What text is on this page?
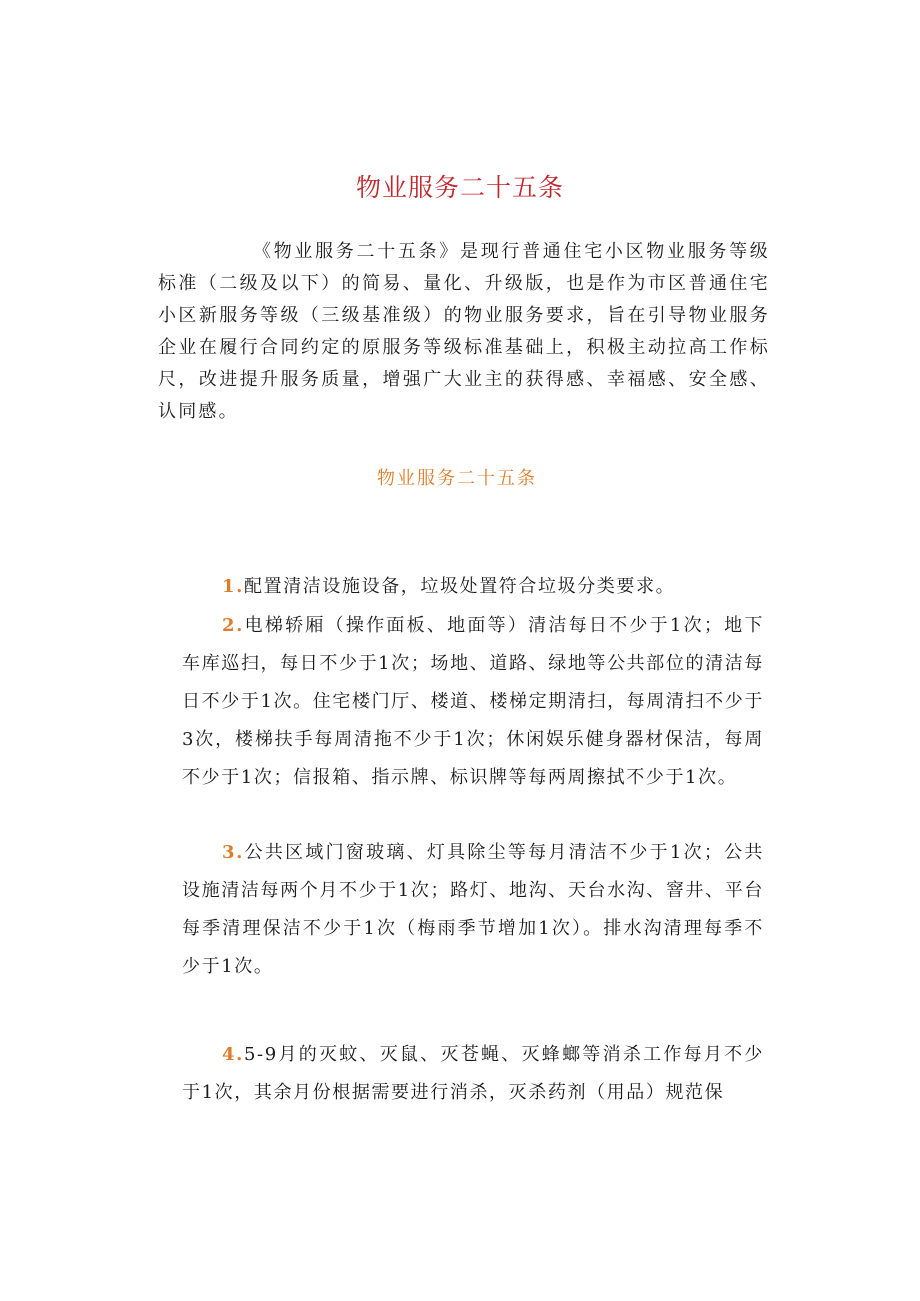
物业服务二十五条

《物业服务二十五条》是现行普通住宅小区物业服务等级标准（二级及以下）的简易、量化、升级版，也是作为市区普通住宅小区新服务等级（三级基准级）的物业服务要求，旨在引导物业服务企业在履行合同约定的原服务等级标准基础上，积极主动拉高工作标尺，改进提升服务质量，增强广大业主的获得感、幸福感、安全感、认同感。

物业服务二十五条

1.配置清洁设施设备，垃圾处置符合垃圾分类要求。

2.电梯轿厢（操作面板、地面等）清洁每日不少于1次；地下车库巡扫，每日不少于1次；场地、道路、绿地等公共部位的清洁每日不少于1次。住宅楼门厅、楼道、楼梯定期清扫，每周清扫不少于3次，楼梯扶手每周清拖不少于1次；休闲娱乐健身器材保洁，每周不少于1次；信报箱、指示牌、标识牌等每两周擦拭不少于1次。

3.公共区域门窗玻璃、灯具除尘等每月清洁不少于1次；公共设施清洁每两个月不少于1次；路灯、地沟、天台水沟、窨井、平台每季清理保洁不少于1次（梅雨季节增加1次）。排水沟清理每季不少于1次。

4.5-9月的灭蚊、灭鼠、灭苍蝇、灭蜂螂等消杀工作每月不少于1次，其余月份根据需要进行消杀，灭杀药剂（用品）规范保
